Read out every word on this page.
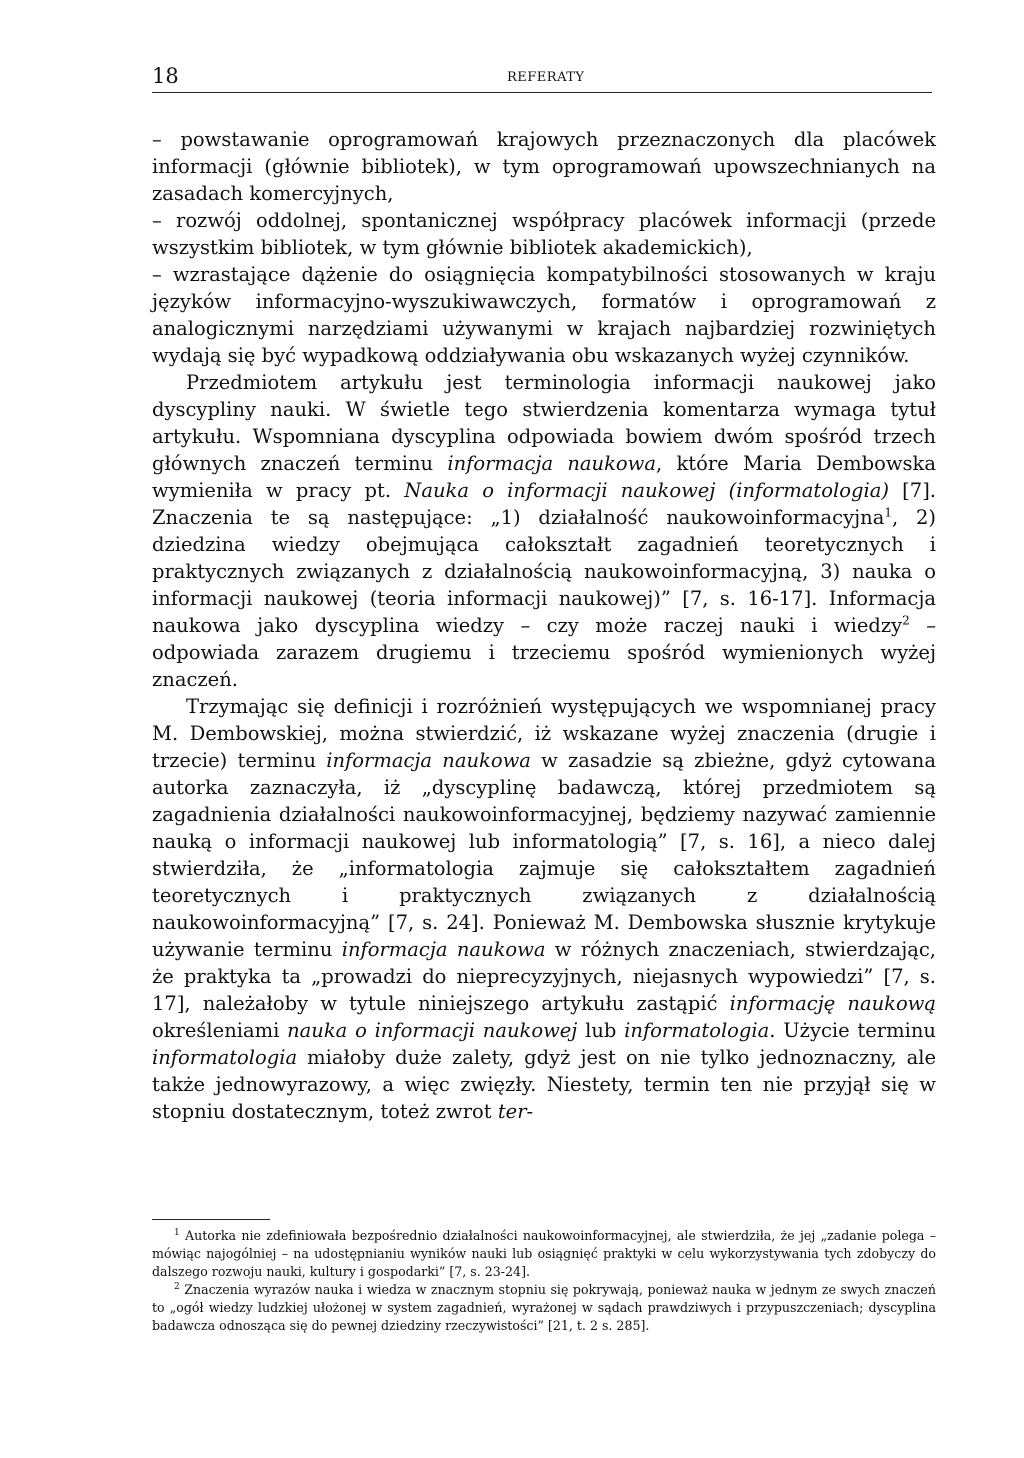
18	REFERATY

– powstawanie oprogramowań krajowych przeznaczonych dla placówek informacji (głównie bibliotek), w tym oprogramowań upowszechnianych na zasadach komercyjnych,

– rozwój oddolnej, spontanicznej współpracy placówek informacji (przede wszystkim bibliotek, w tym głównie bibliotek akademickich),

– wzrastające dążenie do osiągnięcia kompatybilności stosowanych w kraju języków informacyjno-wyszukiwawczych, formatów i oprogramowań z analogicznymi narzędziami używanymi w krajach najbardziej rozwiniętych wydają się być wypadkową oddziaływania obu wskazanych wyżej czynników.

Przedmiotem artykułu jest terminologia informacji naukowej jako dyscypliny nauki. W świetle tego stwierdzenia komentarza wymaga tytuł artykułu. Wspomniana dyscyplina odpowiada bowiem dwóm spośród trzech głównych znaczeń terminu informacja naukowa, które Maria Dembowska wymieniła w pracy pt. Nauka o informacji naukowej (informatologia) [7]. Znaczenia te są następujące: „1) działalność naukowoinformacyjna$^1$, 2) dziedzina wiedzy obejmująca całokształt zagadnień teoretycznych i praktycznych związanych z działalnością naukowoinformacyjną, 3) nauka o informacji naukowej (teoria informacji naukowej)” [7, s. 16-17]. Informacja naukowa jako dyscyplina wiedzy – czy może raczej nauki i wiedzy$^2$ – odpowiada zarazem drugiemu i trzeciemu spośród wymienionych wyżej znaczeń.

Trzymając się definicji i rozróżnień występujących we wspomnianej pracy M. Dembowskiej, można stwierdzić, iż wskazane wyżej znaczenia (drugie i trzecie) terminu informacja naukowa w zasadzie są zbieżne, gdyż cytowana autorka zaznaczyła, iż „dyscyplinę badawczą, której przedmiotem są zagadnienia działalności naukowoinformacyjnej, będziemy nazywać zamiennie nauką o informacji naukowej lub informatologią” [7, s. 16], a nieco dalej stwierdziła, że „informatologia zajmuje się całokształtem zagadnień teoretycznych i praktycznych związanych z działalnością naukowoinformacyjną” [7, s. 24]. Ponieważ M. Dembowska słusznie krytykuje używanie terminu informacja naukowa w różnych znaczeniach, stwierdzając, że praktyka ta „prowadzi do nieprecyzyjnych, niejasnych wypowiedzi” [7, s. 17], należałoby w tytule niniejszego artykułu zastąpić informację naukową określeniami nauka o informacji naukowej lub informatologia. Użycie terminu informatologia miałoby duże zalety, gdyż jest on nie tylko jednoznaczny, ale także jednowyrazowy, a więc zwięzły. Niestety, termin ten nie przyjął się w stopniu dostatecznym, toteż zwrot ter-

$^1$ Autorka nie zdefiniowała bezpośrednio działalności naukowoinformacyjnej, ale stwierdziła, że jej „zadanie polega – mówiąc najogólniej – na udostępnianiu wyników nauki lub osiągnięć praktyki w celu wykorzystywania tych zdobyczy do dalszego rozwoju nauki, kultury i gospodarki” [7, s. 23-24].

$^2$ Znaczenia wyrazów nauka i wiedza w znacznym stopniu się pokrywają, ponieważ nauka w jednym ze swych znaczeń to „ogół wiedzy ludzkiej ułożonej w system zagadnień, wyrażonej w sądach prawdziwych i przypuszczeniach; dyscyplina badawcza odnosząca się do pewnej dziedziny rzeczywistości” [21, t. 2 s. 285].
